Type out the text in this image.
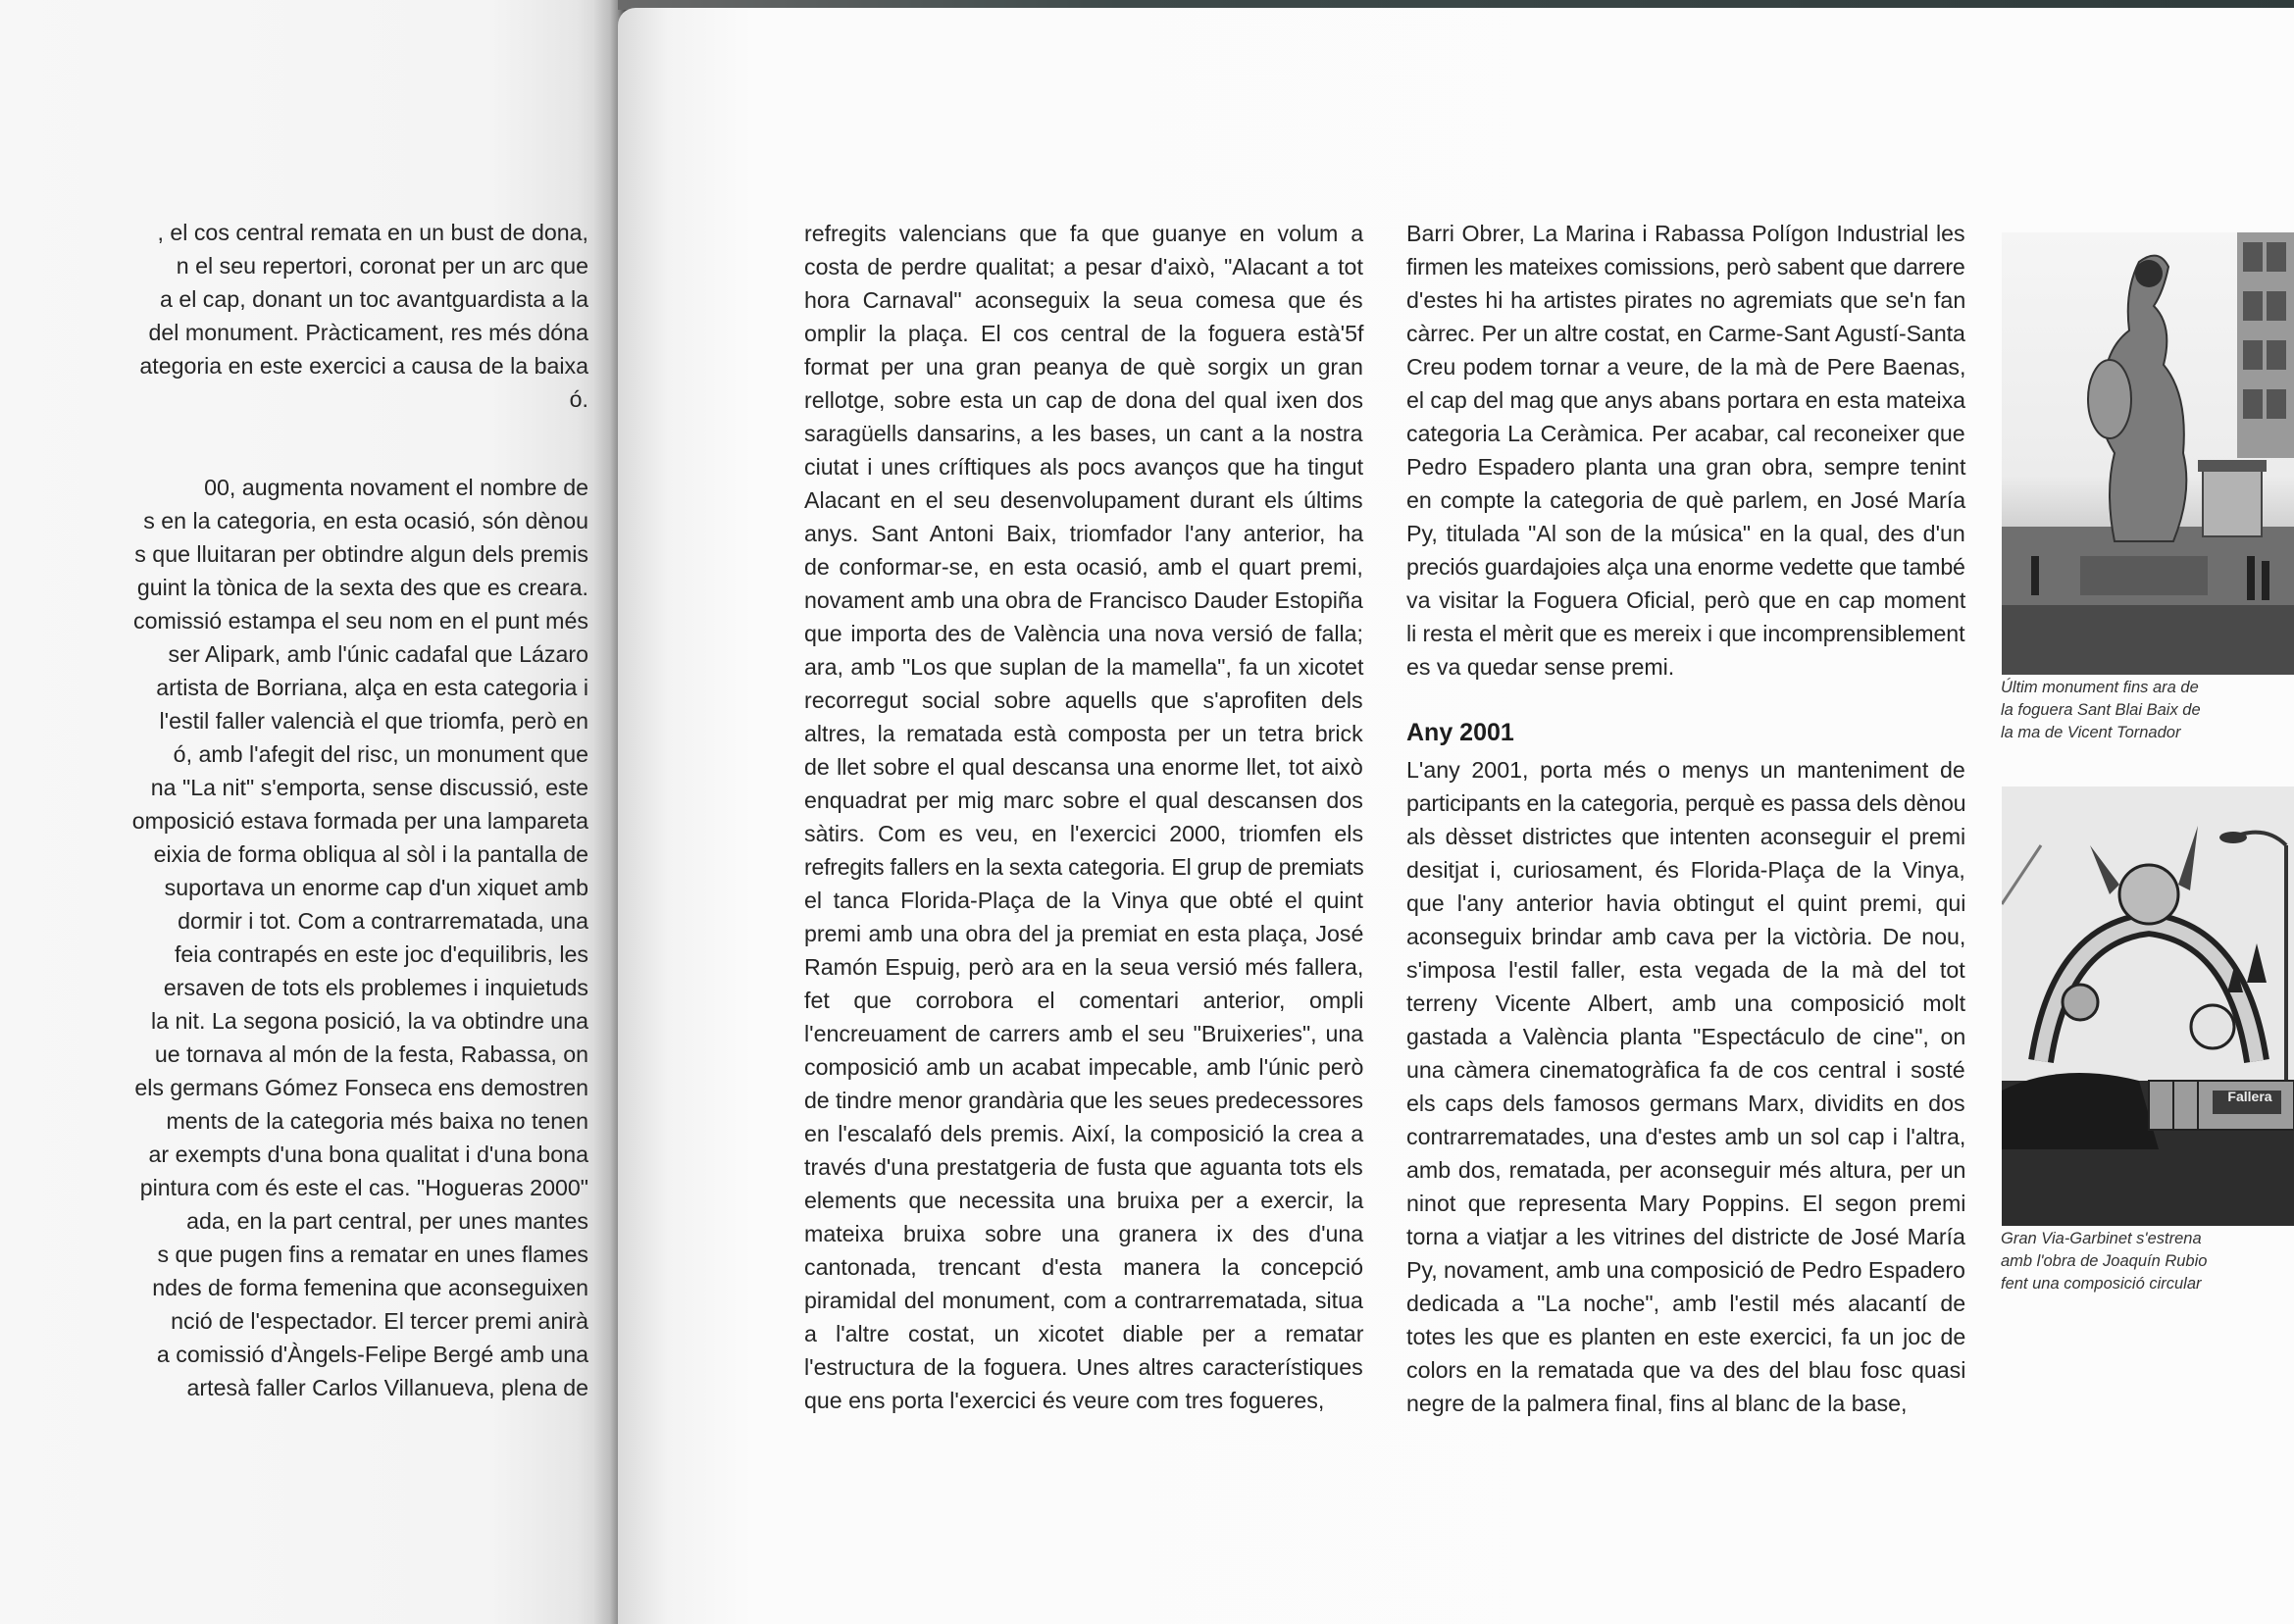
, el cos central remata en un bust de dona,
n el seu repertori, coronat per un arc que
a el cap, donant un toc avantguardista a la
del monument. Pràcticament, res més dóna
ategoria en este exercici a causa de la baixa
ó.
00, augmenta novament el nombre de
s en la categoria, en esta ocasió, són dènou
s que lluitaran per obtindre algun dels premis
guint la tònica de la sexta des que es creara.
comissió estampa el seu nom en el punt més
ser Alipark, amb l'únic cadafal que Lázaro
artista de Borriana, alça en esta categoria i
l'estil faller valencià el que triomfa, però en
ó, amb l'afegit del risc, un monument que
na "La nit" s'emporta, sense discussió, este
omposició estava formada per una lampareta
eixia de forma obliqua al sòl i la pantalla de
suportava un enorme cap d'un xiquet amb
dormir i tot. Com a contrarrematada, una
feia contrapés en este joc d'equilibris, les
ersaven de tots els problemes i inquietuds
la nit. La segona posició, la va obtindre una
ue tornava al món de la festa, Rabassa, on
els germans Gómez Fonseca ens demostren
ments de la categoria més baixa no tenen
ar exempts d'una bona qualitat i d'una bona
pintura com és este el cas. "Hogueras 2000"
ada, en la part central, per unes mantes
s que pugen fins a rematar en unes flames
ndes de forma femenina que aconseguixen
nció de l'espectador. El tercer premi anirà
a comissió d'Àngels-Felipe Bergé amb una
artesà faller Carlos Villanueva, plena de
refregits valencians que fa que guanye en volum a
costa de perdre qualitat; a pesar d'això, "Alacant a tot
hora Carnaval" aconseguix la seua comesa que és
omplir la plaça. El cos central de la foguera està'5f
format per una gran peanya de què sorgix un gran
rellotge, sobre esta un cap de dona del qual ixen dos
saragüells dansarins, a les bases, un cant a la nostra
ciutat i unes críftiques als pocs avanços que ha tingut
Alacant en el seu desenvolupament durant els últims
anys. Sant Antoni Baix, triomfador l'any anterior, ha
de conformar-se, en esta ocasió, amb el quart premi,
novament amb una obra de Francisco Dauder Estopiña
que importa des de València una nova versió de falla;
ara, amb "Los que suplan de la mamella", fa un xicotet
recorregut social sobre aquells que s'aprofiten dels
altres, la rematada està composta per un tetra brick
de llet sobre el qual descansa una enorme llet, tot això
enquadrat per mig marc sobre el qual descansen dos
sàtirs. Com es veu, en l'exercici 2000, triomfen els
refregits fallers en la sexta categoria. El grup de premiats
el tanca Florida-Plaça de la Vinya que obté el quint
premi amb una obra del ja premiat en esta plaça, José
Ramón Espuig, però ara en la seua versió més fallera,
fet que corrobora el comentari anterior, ompli
l'encreuament de carrers amb el seu "Bruixeries", una
composició amb un acabat impecable, amb l'únic però
de tindre menor grandària que les seues predecessores
en l'escalafó dels premis. Així, la composició la crea a
través d'una prestatgeria de fusta que aguanta tots els
elements que necessita una bruixa per a exercir, la
mateixa bruixa sobre una granera ix des d'una
cantonada, trencant d'esta manera la concepció
piramidal del monument, com a contrarrematada, situa
a l'altre costat, un xicotet diable per a rematar
l'estructura de la foguera. Unes altres característiques
que ens porta l'exercici és veure com tres fogueres,
Barri Obrer, La Marina i Rabassa Polígon Industrial les
firmen les mateixes comissions, però sabent que darrere
d'estes hi ha artistes pirates no agremiats que se'n fan
càrrec. Per un altre costat, en Carme-Sant Agustí-Santa
Creu podem tornar a veure, de la mà de Pere Baenas,
el cap del mag que anys abans portara en esta mateixa
categoria La Ceràmica. Per acabar, cal reconeixer que
Pedro Espadero planta una gran obra, sempre tenint
en compte la categoria de què parlem, en José María
Py, titulada "Al son de la música" en la qual, des d'un
preciós guardajoies alça una enorme vedette que també
va visitar la Foguera Oficial, però que en cap moment
li resta el mèrit que es mereix i que incomprensiblement
es va quedar sense premi.
Any 2001
L'any 2001, porta més o menys un manteniment de
participants en la categoria, perquè es passa dels dènou
als dèsset districtes que intenten aconseguir el premi
desitjat i, curiosament, és Florida-Plaça de la Vinya,
que l'any anterior havia obtingut el quint premi, qui
aconseguix brindar amb cava per la victòria. De nou,
s'imposa l'estil faller, esta vegada de la mà del tot
terreny Vicente Albert, amb una composició molt
gastada a València planta "Espectáculo de cine", on
una càmera cinematogràfica fa de cos central i sosté
els caps dels famosos germans Marx, dividits en dos
contrarrematades, una d'estes amb un sol cap i l'altra,
amb dos, rematada, per aconseguir més altura, per un
ninot que representa Mary Poppins. El segon premi
torna a viatjar a les vitrines del districte de José María
Py, novament, amb una composició de Pedro Espadero
dedicada a "La noche", amb l'estil més alacantí de
totes les que es planten en este exercici, fa un joc de
colors en la rematada que va des del blau fosc quasi
negre de la palmera final, fins al blanc de la base,
Últim monument fins ara de
la foguera Sant Blai Baix de
la ma de Vicent Tornador
Fallera
Gran Via-Garbinet s'estrena
amb l'obra de Joaquín Rubio
fent una composició circular
